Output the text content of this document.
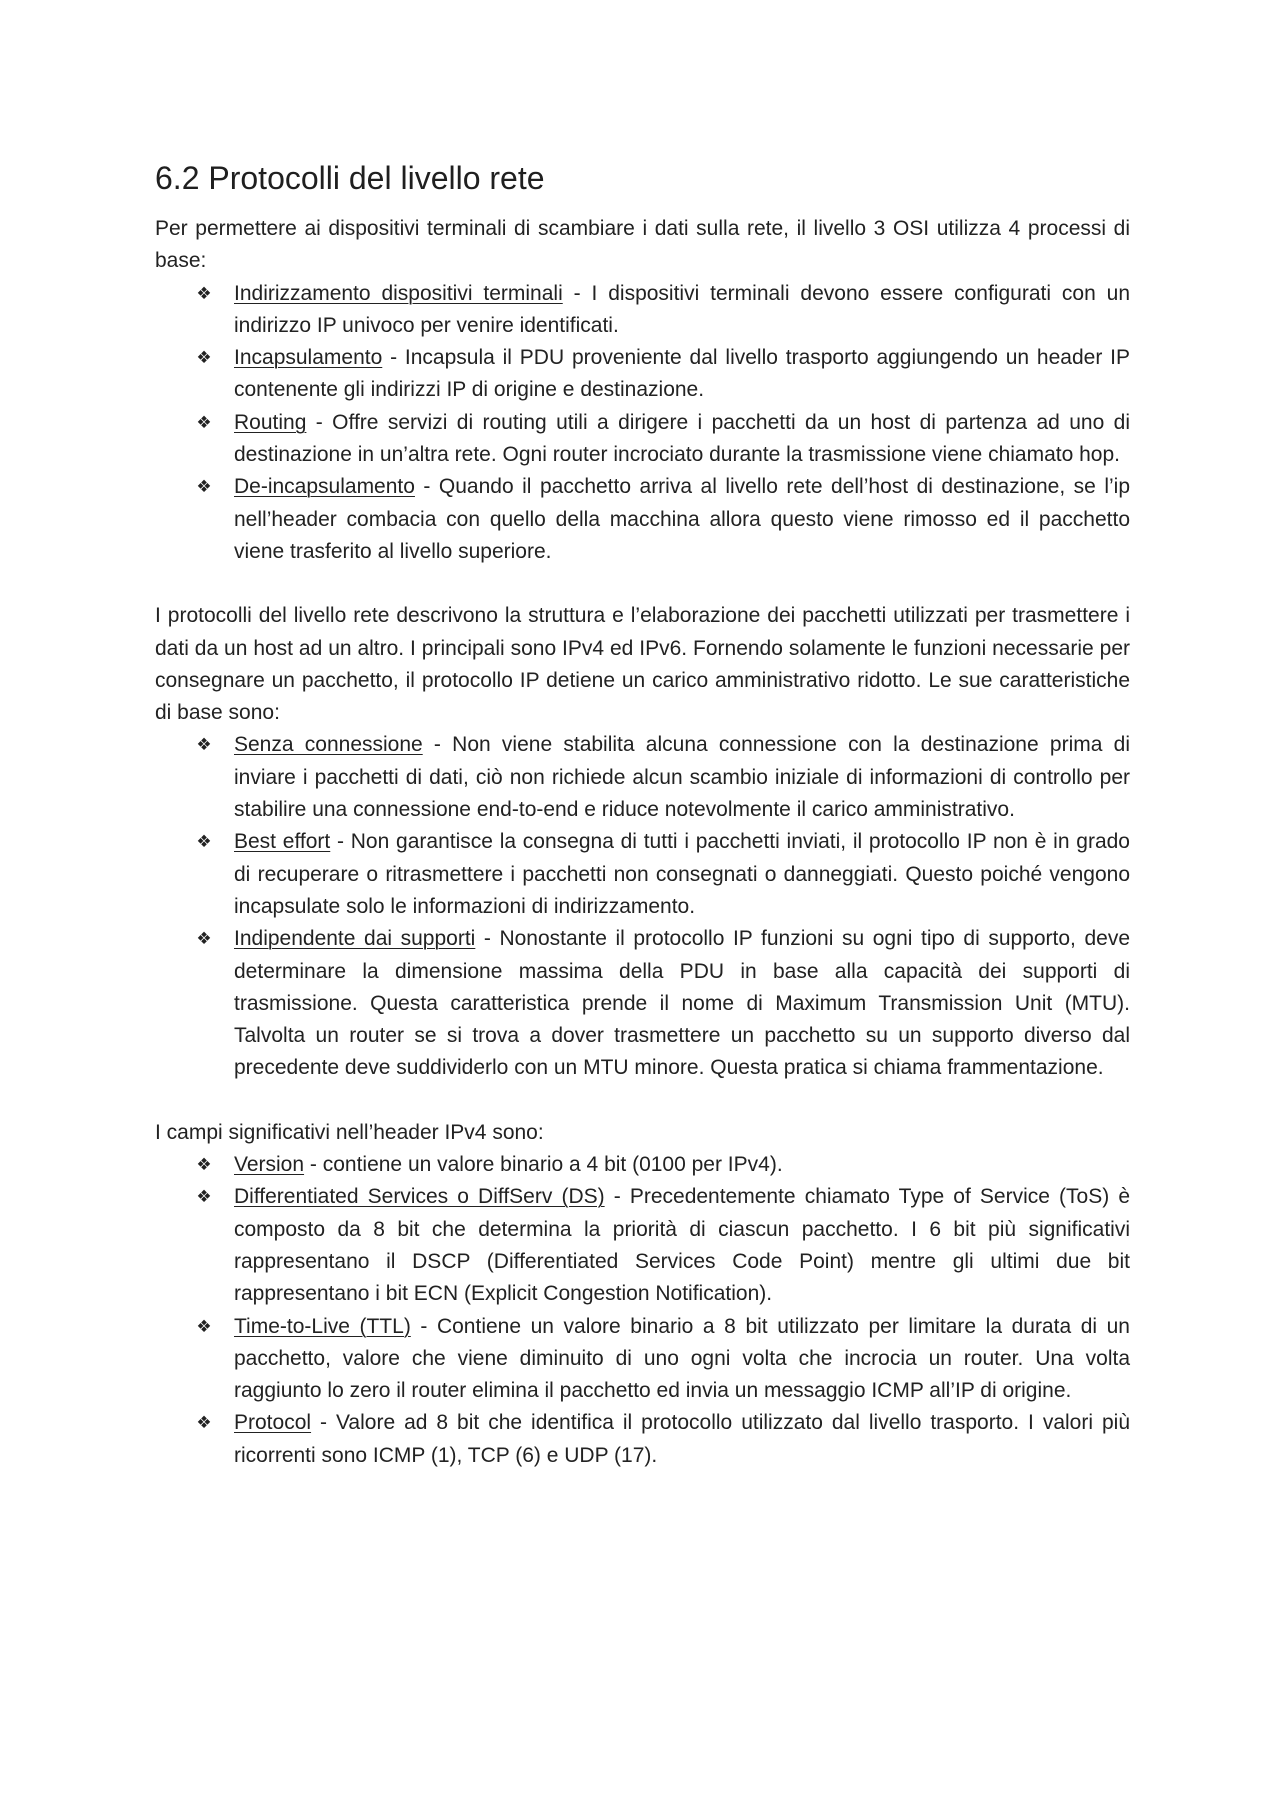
6.2 Protocolli del livello rete

Per permettere ai dispositivi terminali di scambiare i dati sulla rete, il livello 3 OSI utilizza 4 processi di base:

❖ Indirizzamento dispositivi terminali - I dispositivi terminali devono essere configurati con un indirizzo IP univoco per venire identificati.
❖ Incapsulamento - Incapsula il PDU proveniente dal livello trasporto aggiungendo un header IP contenente gli indirizzi IP di origine e destinazione.
❖ Routing - Offre servizi di routing utili a dirigere i pacchetti da un host di partenza ad uno di destinazione in un’altra rete. Ogni router incrociato durante la trasmissione viene chiamato hop.
❖ De-incapsulamento - Quando il pacchetto arriva al livello rete dell’host di destinazione, se l’ip nell’header combacia con quello della macchina allora questo viene rimosso ed il pacchetto viene trasferito al livello superiore.

I protocolli del livello rete descrivono la struttura e l’elaborazione dei pacchetti utilizzati per trasmettere i dati da un host ad un altro. I principali sono IPv4 ed IPv6. Fornendo solamente le funzioni necessarie per consegnare un pacchetto, il protocollo IP detiene un carico amministrativo ridotto. Le sue caratteristiche di base sono:

❖ Senza connessione - Non viene stabilita alcuna connessione con la destinazione prima di inviare i pacchetti di dati, ciò non richiede alcun scambio iniziale di informazioni di controllo per stabilire una connessione end-to-end e riduce notevolmente il carico amministrativo.
❖ Best effort - Non garantisce la consegna di tutti i pacchetti inviati, il protocollo IP non è in grado di recuperare o ritrasmettere i pacchetti non consegnati o danneggiati. Questo poiché vengono incapsulate solo le informazioni di indirizzamento.
❖ Indipendente dai supporti - Nonostante il protocollo IP funzioni su ogni tipo di supporto, deve determinare la dimensione massima della PDU in base alla capacità dei supporti di trasmissione. Questa caratteristica prende il nome di Maximum Transmission Unit (MTU). Talvolta un router se si trova a dover trasmettere un pacchetto su un supporto diverso dal precedente deve suddividerlo con un MTU minore. Questa pratica si chiama frammentazione.

I campi significativi nell’header IPv4 sono:

❖ Version - contiene un valore binario a 4 bit (0100 per IPv4).
❖ Differentiated Services o DiffServ (DS) - Precedentemente chiamato Type of Service (ToS) è composto da 8 bit che determina la priorità di ciascun pacchetto. I 6 bit più significativi rappresentano il DSCP (Differentiated Services Code Point) mentre gli ultimi due bit rappresentano i bit ECN (Explicit Congestion Notification).
❖ Time-to-Live (TTL) - Contiene un valore binario a 8 bit utilizzato per limitare la durata di un pacchetto, valore che viene diminuito di uno ogni volta che incrocia un router. Una volta raggiunto lo zero il router elimina il pacchetto ed invia un messaggio ICMP all’IP di origine.
❖ Protocol - Valore ad 8 bit che identifica il protocollo utilizzato dal livello trasporto. I valori più ricorrenti sono ICMP (1), TCP (6) e UDP (17).
